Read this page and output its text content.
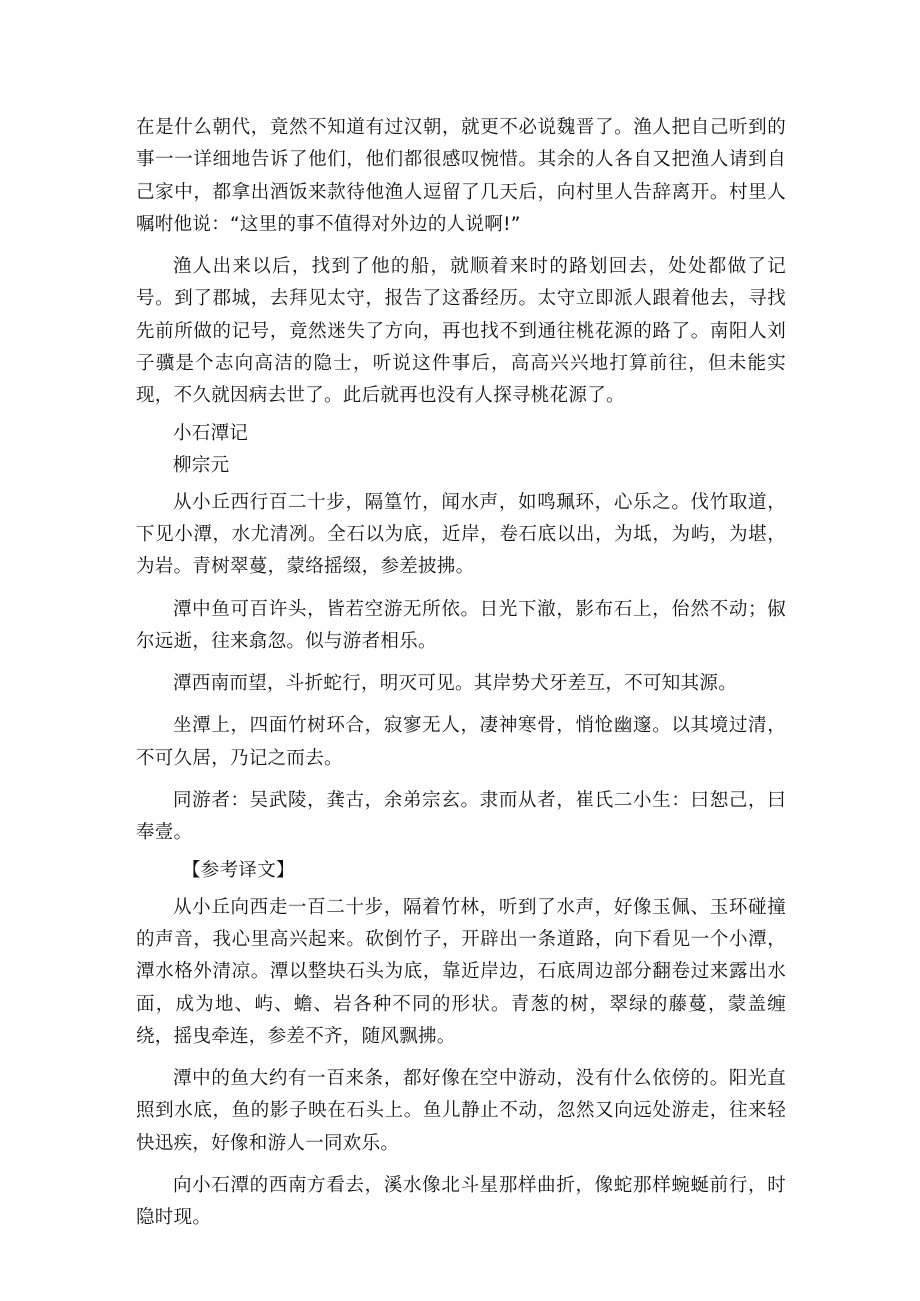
在是什么朝代，竟然不知道有过汉朝，就更不必说魏晋了。渔人把自己听到的事一一详细地告诉了他们，他们都很感叹惋惜。其余的人各自又把渔人请到自己家中，都拿出酒饭来款待他渔人逗留了几天后，向村里人告辞离开。村里人嘱咐他说：“这里的事不值得对外边的人说啊!”

渔人出来以后，找到了他的船，就顺着来时的路划回去，处处都做了记号。到了郡城，去拜见太守，报告了这番经历。太守立即派人跟着他去，寻找先前所做的记号，竟然迷失了方向，再也找不到通往桃花源的路了。南阳人刘子骥是个志向高洁的隐士，听说这件事后，高高兴兴地打算前往，但未能实现，不久就因病去世了。此后就再也没有人探寻桃花源了。

小石潭记
柳宗元

从小丘西行百二十步，隔篁竹，闻水声，如鸣珮环，心乐之。伐竹取道，下见小潭，水尤清冽。全石以为底，近岸，卷石底以出，为坻，为屿，为堪，为岩。青树翠蔓，蒙络摇缀，参差披拂。

潭中鱼可百许头，皆若空游无所依。日光下澈，影布石上，佁然不动；俶尔远逝，往来翕忽。似与游者相乐。

潭西南而望，斗折蛇行，明灭可见。其岸势犬牙差互，不可知其源。

坐潭上，四面竹树环合，寂寥无人，凄神寒骨，悄怆幽邃。以其境过清，不可久居，乃记之而去。

同游者：吴武陵，龚古，余弟宗玄。隶而从者，崔氏二小生：曰恕己，曰奉壹。

【参考译文】

从小丘向西走一百二十步，隔着竹林，听到了水声，好像玉佩、玉环碰撞的声音，我心里高兴起来。砍倒竹子，开辟出一条道路，向下看见一个小潭，潭水格外清凉。潭以整块石头为底，靠近岸边，石底周边部分翻卷过来露出水面，成为地、屿、蟾、岩各种不同的形状。青葱的树，翠绿的藤蔓，蒙盖缠绕，摇曳牵连，参差不齐，随风飘拂。

潭中的鱼大约有一百来条，都好像在空中游动，没有什么依傍的。阳光直照到水底，鱼的影子映在石头上。鱼儿静止不动，忽然又向远处游走，往来轻快迅疾，好像和游人一同欢乐。

向小石潭的西南方看去，溪水像北斗星那样曲折，像蛇那样蜿蜒前行，时隐时现。
